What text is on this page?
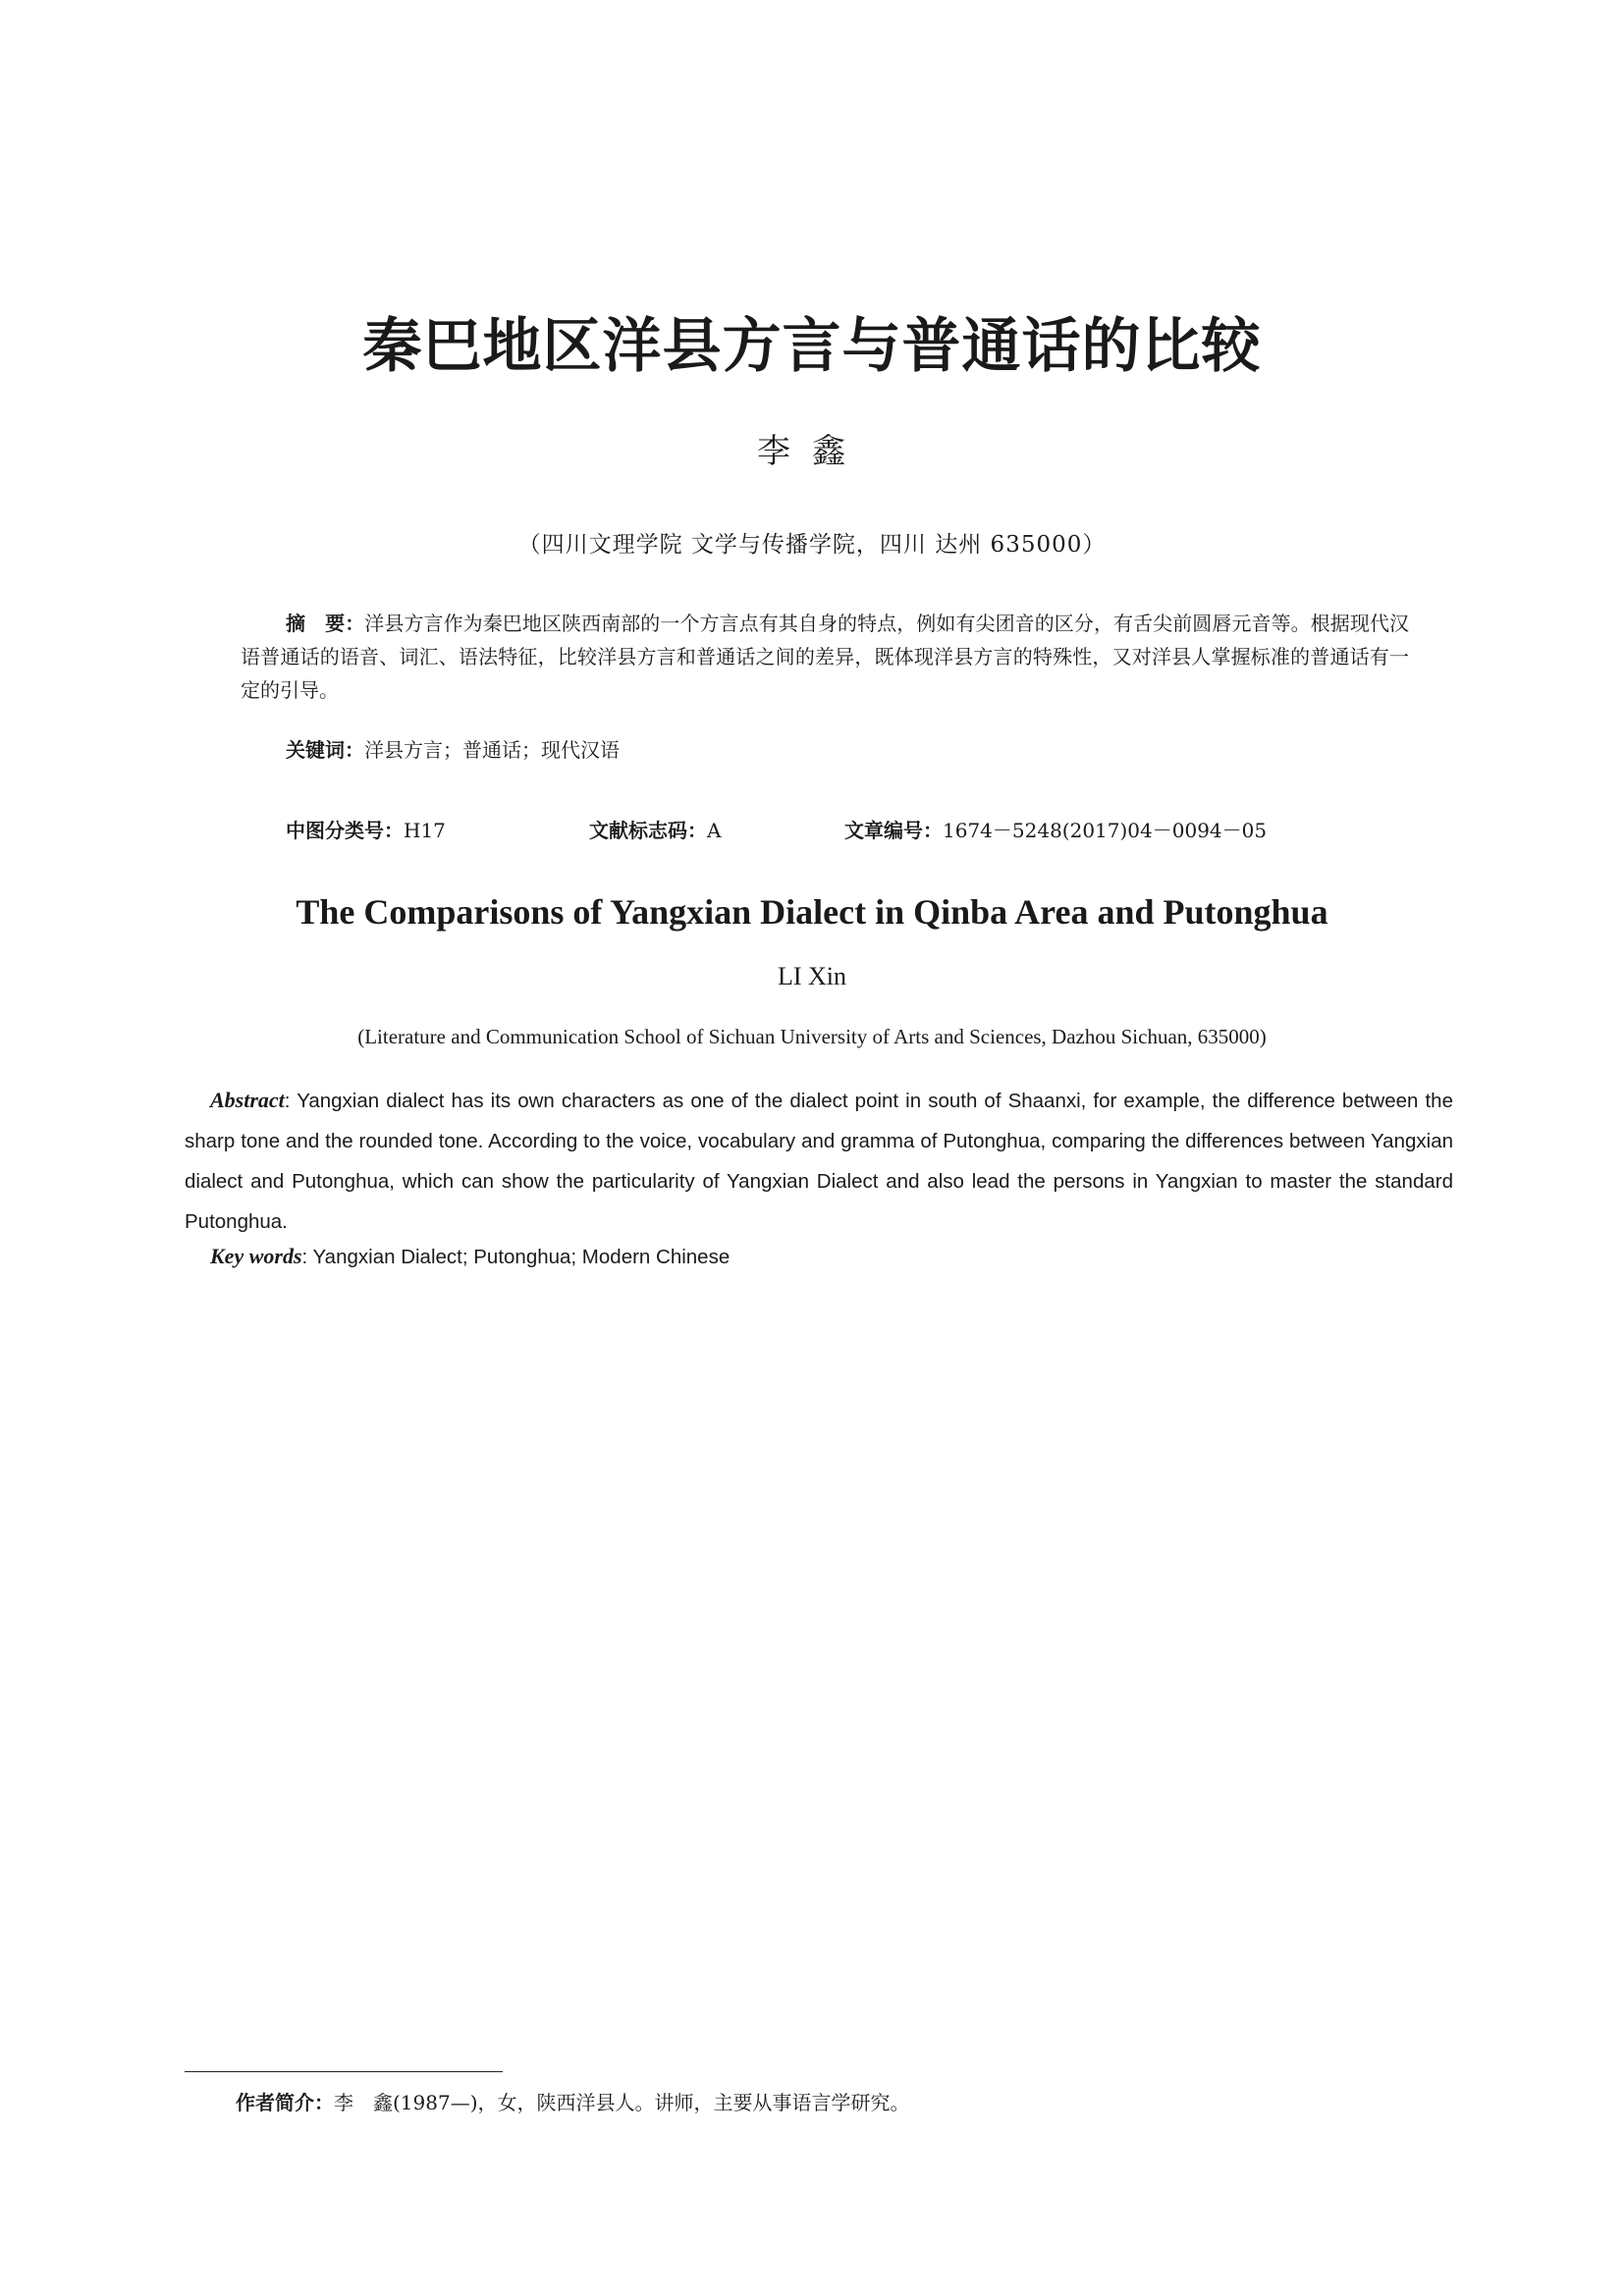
秦巴地区洋县方言与普通话的比较
李鑫
（四川文理学院 文学与传播学院，四川 达州 635000）
摘　要：洋县方言作为秦巴地区陕西南部的一个方言点有其自身的特点，例如有尖团音的区分，有舌尖前圆唇元音等。根据现代汉语普通话的语音、词汇、语法特征，比较洋县方言和普通话之间的差异，既体现洋县方言的特殊性，又对洋县人掌握标准的普通话有一定的引导。
关键词：洋县方言；普通话；现代汉语
中图分类号：H17	文献标志码：A	文章编号：1674－5248(2017)04－0094－05
The Comparisons of Yangxian Dialect in Qinba Area and Putonghua
LI Xin
(Literature and Communication School of Sichuan University of Arts and Sciences, Dazhou Sichuan, 635000)
Abstract: Yangxian dialect has its own characters as one of the dialect point in south of Shaanxi, for example, the difference between the sharp tone and the rounded tone. According to the voice, vocabulary and gramma of Putonghua, comparing the differences between Yangxian dialect and Putonghua, which can show the particularity of Yangxian Dialect and also lead the persons in Yangxian to master the standard Putonghua.
Key words: Yangxian Dialect; Putonghua; Modern Chinese
作者简介：李　鑫(1987—)，女，陕西洋县人。讲师，主要从事语言学研究。
